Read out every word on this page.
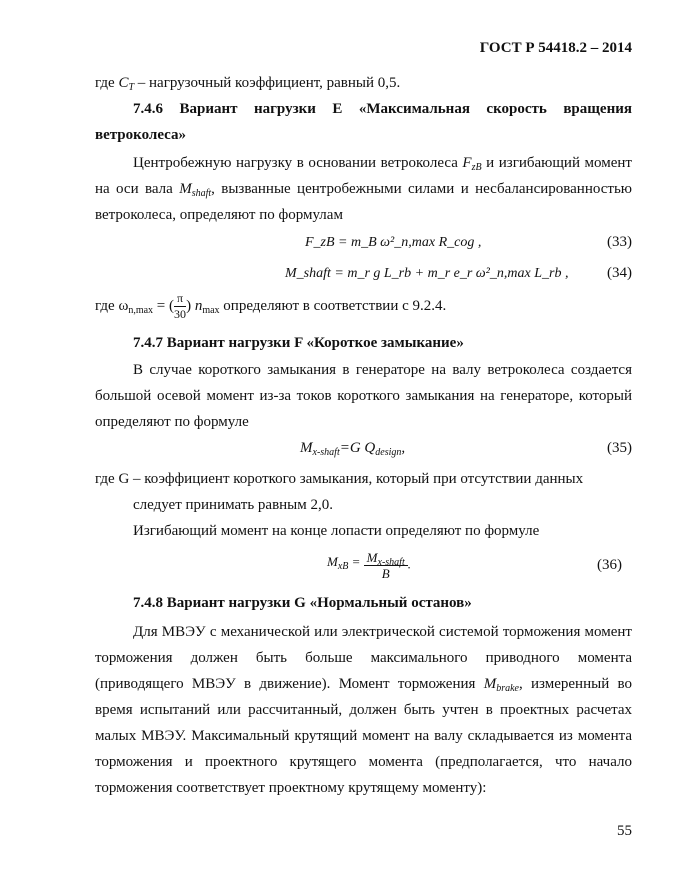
ГОСТ Р 54418.2 – 2014
где $C_T$ – нагрузочный коэффициент, равный 0,5.
7.4.6 Вариант нагрузки E «Максимальная скорость вращения ветроколеса»
Центробежную нагрузку в основании ветроколеса $F_{zB}$ и изгибающий момент на оси вала $M_{shaft}$, вызванные центробежными силами и несбалансированностью ветроколеса, определяют по формулам
F_zB = m_B ω²_n,max R_cog ,	(33)
M_shaft = m_r g L_rb + m_r e_r ω²_n,max L_rb ,	(34)
где $\omega_{n,max}$ = ( $\frac{\pi}{30}$ ) $n_{max}$ определяют в соответствии с 9.2.4.
7.4.7 Вариант нагрузки F «Короткое замыкание»
В случае короткого замыкания в генераторе на валу ветроколеса создается большой осевой момент из-за токов короткого замыкания на генераторе, который определяют по формуле
$M_{x-shaft}=G$ $Q_{design}$,	(35)
где G – коэффициент короткого замыкания, который при отсутствии данных
следует принимать равным 2,0.
Изгибающий момент на конце лопасти определяют по формуле
$M_{xB} = \frac{M_{x-shaft}}{B}$ .	(36)
7.4.8 Вариант нагрузки G «Нормальный останов»
Для МВЭУ с механической или электрической системой торможения момент торможения должен быть больше максимального приводного момента (приводящего МВЭУ в движение). Момент торможения $M_{brake}$, измеренный во время испытаний или рассчитанный, должен быть учтен в проектных расчетах малых МВЭУ. Максимальный крутящий момент на валу складывается из момента торможения и проектного крутящего момента (предполагается, что начало торможения соответствует проектному крутящему моменту):
55
